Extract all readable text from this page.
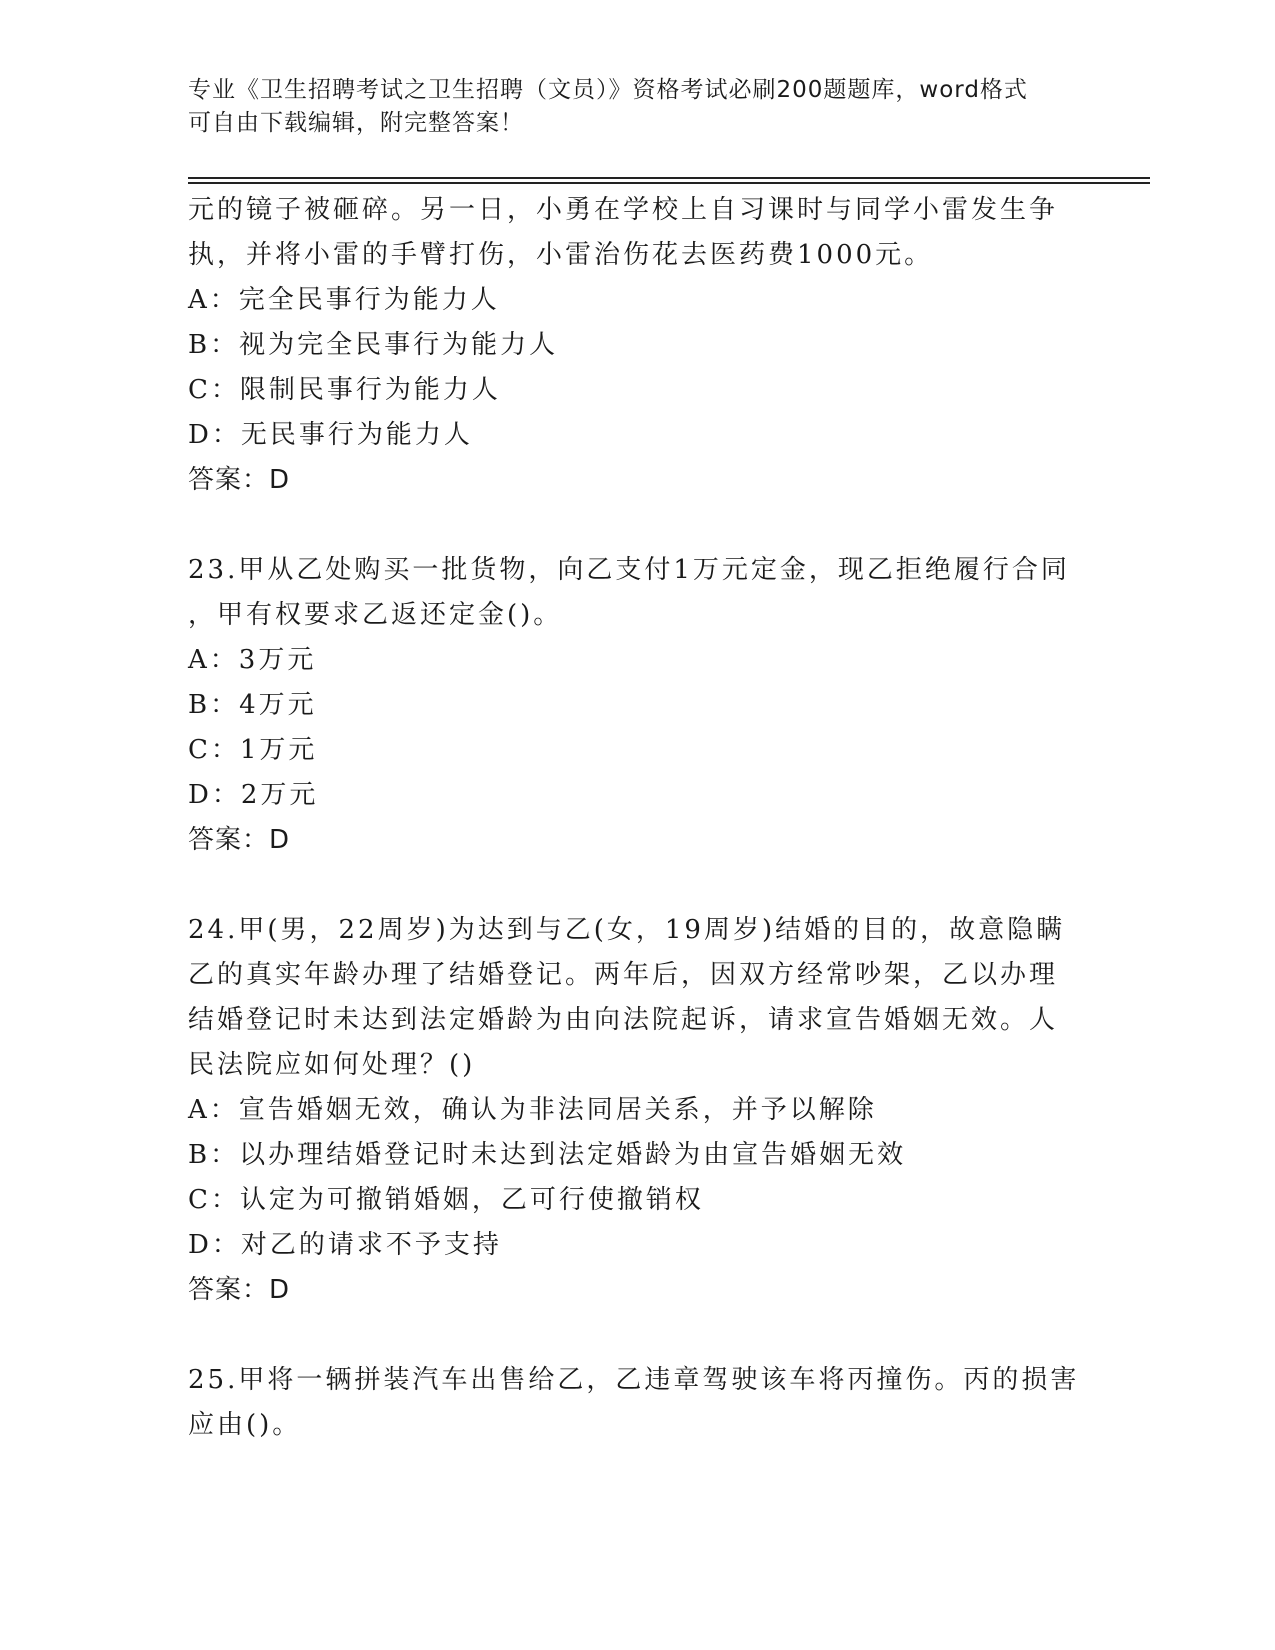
专业《卫生招聘考试之卫生招聘（文员）》资格考试必刷200题题库，word格式
可自由下载编辑，附完整答案！
元的镜子被砸碎。另一日，小勇在学校上自习课时与同学小雷发生争
执，并将小雷的手臂打伤，小雷治伤花去医药费1000元。
A：完全民事行为能力人
B：视为完全民事行为能力人
C：限制民事行为能力人
D：无民事行为能力人
答案：D
23.甲从乙处购买一批货物，向乙支付1万元定金，现乙拒绝履行合同
，甲有权要求乙返还定金()。
A：3万元
B：4万元
C：1万元
D：2万元
答案：D
24.甲(男，22周岁)为达到与乙(女，19周岁)结婚的目的，故意隐瞒
乙的真实年龄办理了结婚登记。两年后，因双方经常吵架，乙以办理
结婚登记时未达到法定婚龄为由向法院起诉，请求宣告婚姻无效。人
民法院应如何处理？()
A：宣告婚姻无效，确认为非法同居关系，并予以解除
B：以办理结婚登记时未达到法定婚龄为由宣告婚姻无效
C：认定为可撤销婚姻，乙可行使撤销权
D：对乙的请求不予支持
答案：D
25.甲将一辆拼装汽车出售给乙，乙违章驾驶该车将丙撞伤。丙的损害
应由()。
